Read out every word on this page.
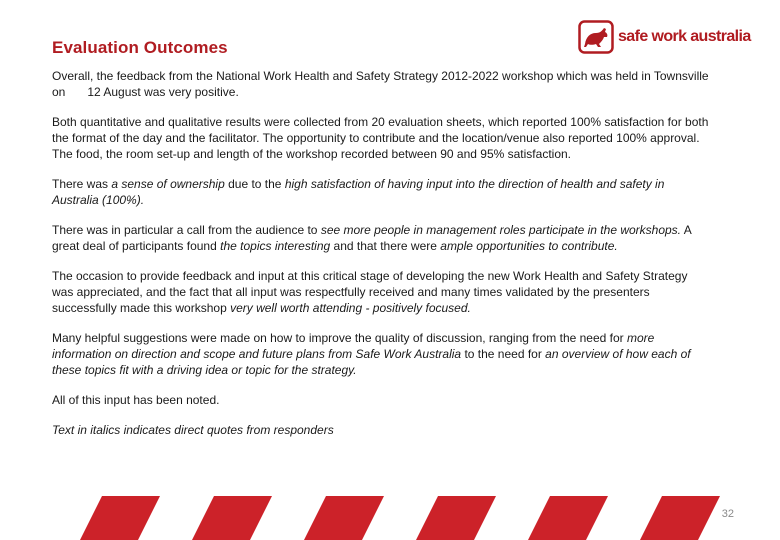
Evaluation Outcomes
safe work australia

Overall, the feedback from the National Work Health and Safety Strategy 2012-2022 workshop which was held in Townsville on 12 August was very positive.

Both quantitative and qualitative results were collected from 20 evaluation sheets, which reported 100% satisfaction for both the format of the day and the facilitator. The opportunity to contribute and the location/venue also reported 100% approval. The food, the room set-up and length of the workshop recorded between 90 and 95% satisfaction.

There was a sense of ownership due to the high satisfaction of having input into the direction of health and safety in Australia (100%).

There was in particular a call from the audience to see more people in management roles participate in the workshops. A great deal of participants found the topics interesting and that there were ample opportunities to contribute.

The occasion to provide feedback and input at this critical stage of developing the new Work Health and Safety Strategy was appreciated, and the fact that all input was respectfully received and many times validated by the presenters successfully made this workshop very well worth attending - positively focused.

Many helpful suggestions were made on how to improve the quality of discussion, ranging from the need for more information on direction and scope and future plans from Safe Work Australia to the need for an overview of how each of these topics fit with a driving idea or topic for the strategy.

All of this input has been noted.

Text in italics indicates direct quotes from responders

32
